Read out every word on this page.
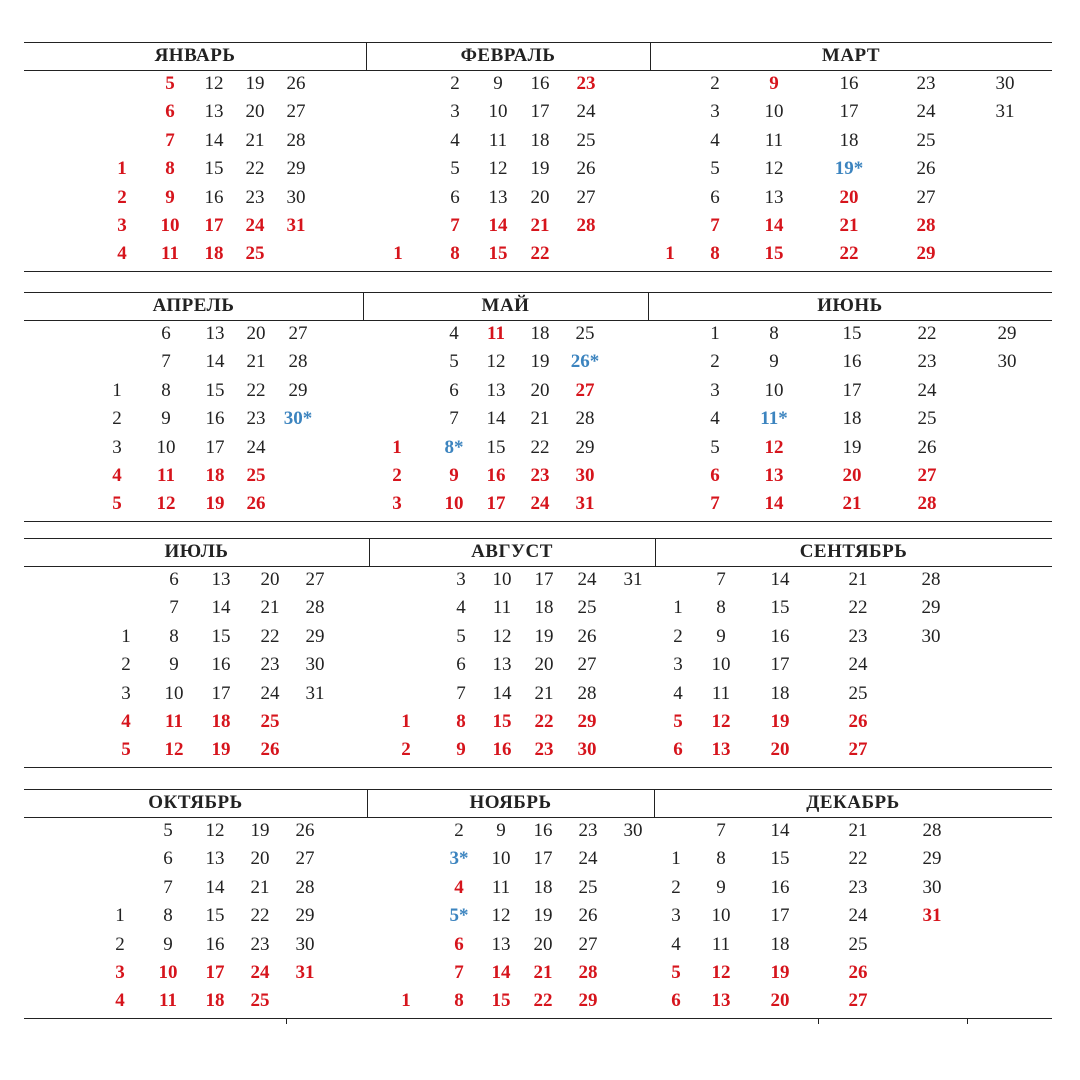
ЯНВАРЬ
1
2
3
4
5
6
7
8
9
10
11
12
13
14
15
16
17
18
19
20
21
22
23
24
25
26
27
28
29
30
31
ФЕВРАЛЬ
1
2
3
4
5
6
7
8
9
10
11
12
13
14
15
16
17
18
19
20
21
22
23
24
25
26
27
28
МАРТ
1
2
3
4
5
6
7
8
9
10
11
12
13
14
15
16
17
18
19*
20
21
22
23
24
25
26
27
28
29
30
31
АПРЕЛЬ
1
2
3
4
5
6
7
8
9
10
11
12
13
14
15
16
17
18
19
20
21
22
23
24
25
26
27
28
29
30*
МАЙ
1
2
3
4
5
6
7
8*
9
10
11
12
13
14
15
16
17
18
19
20
21
22
23
24
25
26*
27
28
29
30
31
ИЮНЬ
1
2
3
4
5
6
7
8
9
10
11*
12
13
14
15
16
17
18
19
20
21
22
23
24
25
26
27
28
29
30
ИЮЛЬ
1
2
3
4
5
6
7
8
9
10
11
12
13
14
15
16
17
18
19
20
21
22
23
24
25
26
27
28
29
30
31
АВГУСТ
1
2
3
4
5
6
7
8
9
10
11
12
13
14
15
16
17
18
19
20
21
22
23
24
25
26
27
28
29
30
31
СЕНТЯБРЬ
1
2
3
4
5
6
7
8
9
10
11
12
13
14
15
16
17
18
19
20
21
22
23
24
25
26
27
28
29
30
ОКТЯБРЬ
1
2
3
4
5
6
7
8
9
10
11
12
13
14
15
16
17
18
19
20
21
22
23
24
25
26
27
28
29
30
31
НОЯБРЬ
1
2
3*
4
5*
6
7
8
9
10
11
12
13
14
15
16
17
18
19
20
21
22
23
24
25
26
27
28
29
30
ДЕКАБРЬ
1
2
3
4
5
6
7
8
9
10
11
12
13
14
15
16
17
18
19
20
21
22
23
24
25
26
27
28
29
30
31
